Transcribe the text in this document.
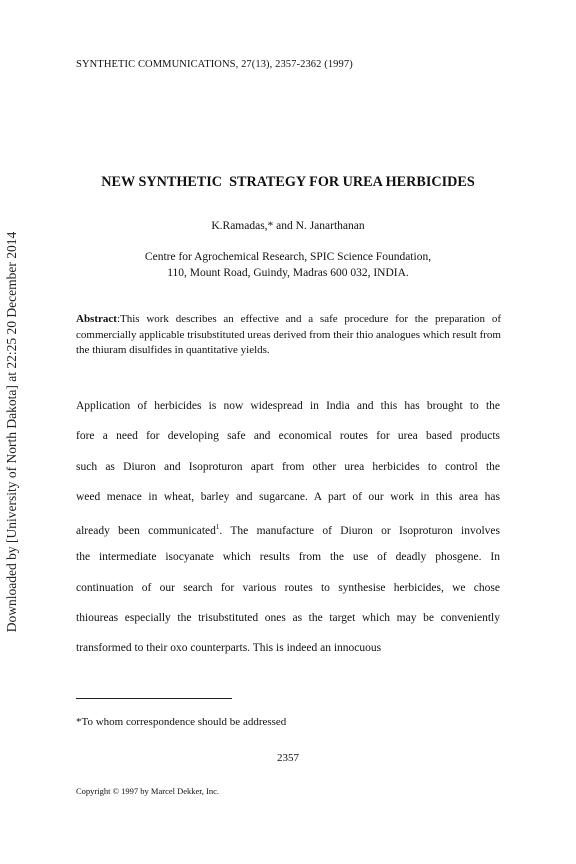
Downloaded by [University of North Dakota] at 22:25 20 December 2014
SYNTHETIC COMMUNICATIONS, 27(13), 2357-2362 (1997)
NEW SYNTHETIC  STRATEGY FOR UREA HERBICIDES
K.Ramadas,* and N. Janarthanan
Centre for Agrochemical Research, SPIC Science Foundation,
110, Mount Road, Guindy, Madras 600 032, INDIA.
Abstract:This work describes an effective and a safe procedure for the preparation of commercially applicable trisubstituted ureas derived from their thio analogues which result from the thiuram disulfides in quantitative yields.
Application of herbicides is now widespread in India and this has brought to the
fore a need for developing safe and economical routes for urea based products
such as Diuron and Isoproturon apart from other urea herbicides to control the
weed menace in wheat, barley and sugarcane. A part of our work in this area has
already been communicated$^1$. The manufacture of Diuron or Isoproturon involves
the intermediate isocyanate which results from the use of deadly phosgene. In
continuation of our search for various routes to synthesise herbicides, we chose
thioureas especially the trisubstituted ones as the target which may be conveniently
transformed to their oxo counterparts. This is indeed an innocuous
*To whom correspondence should be addressed
2357
Copyright © 1997 by Marcel Dekker, Inc.
